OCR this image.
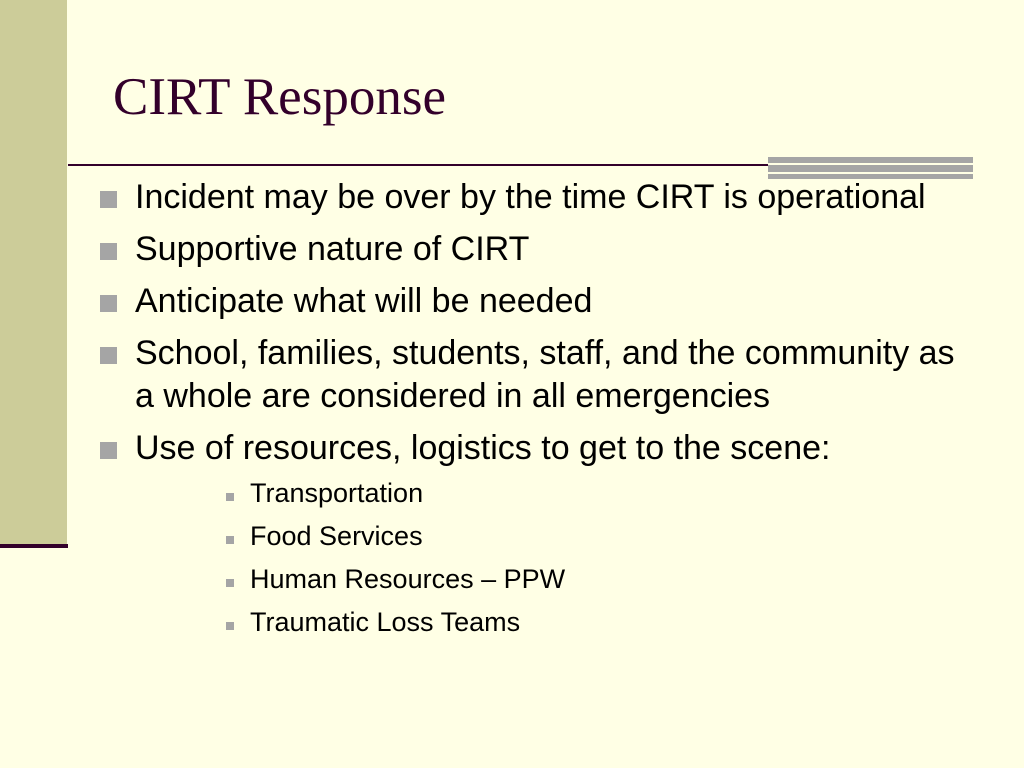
CIRT Response
Incident may be over by the time CIRT is operational
Supportive nature of CIRT
Anticipate what will be needed
School, families, students, staff, and the community as a whole are considered in all emergencies
Use of resources, logistics to get to the scene:
Transportation
Food Services
Human Resources – PPW
Traumatic Loss Teams
